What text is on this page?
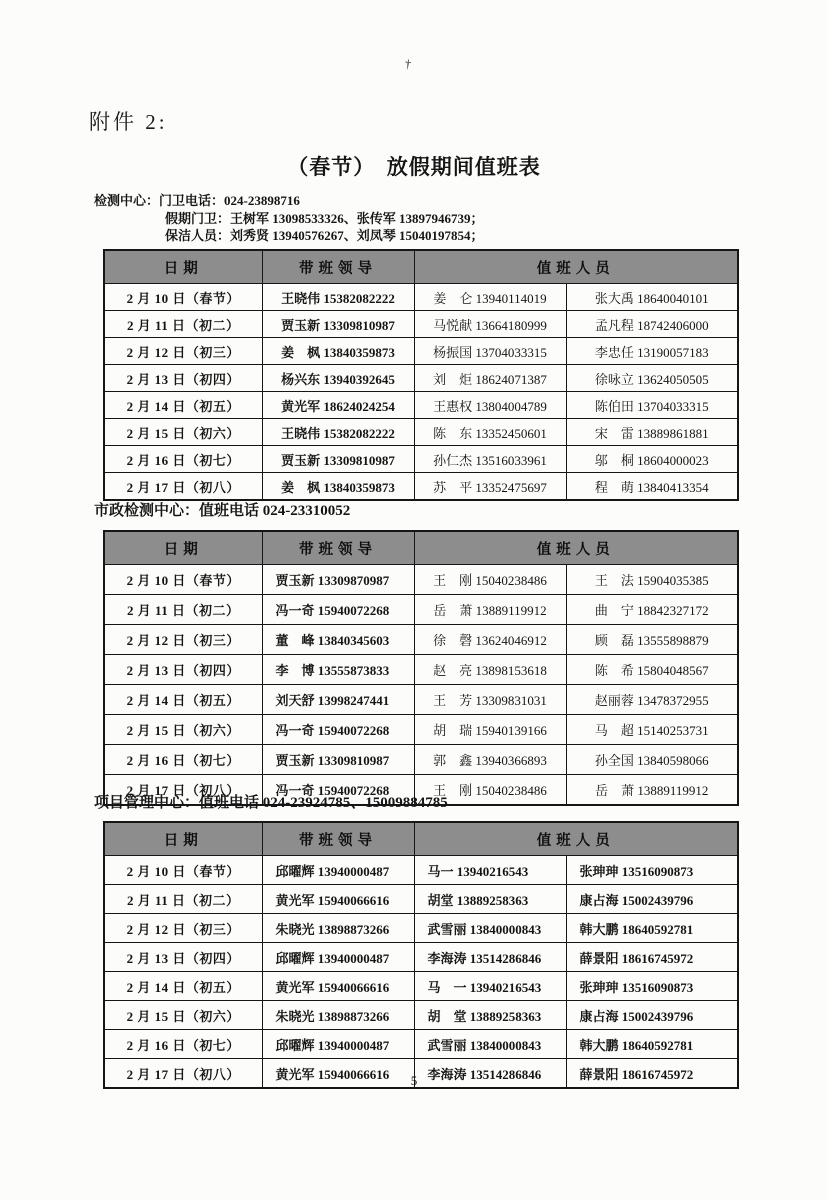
†
附件 2:
（春节）　放假期间值班表
检测中心：门卫电话：024-23898716
假期门卫：王树军 13098533326、张传军 13897946739；
保洁人员：刘秀贤 13940576267、刘凤琴 15040197854；
日期	带班领导	值班人员	
2 月 10 日（春节）	王晓伟 15382082222	姜　仑 13940114019	张大禹 18640040101
2 月 11 日（初二）	贾玉新 13309810987	马悦献 13664180999	孟凡程 18742406000
2 月 12 日（初三）	姜　枫 13840359873	杨振国 13704033315	李忠任 13190057183
2 月 13 日（初四）	杨兴东 13940392645	刘　炬 18624071387	徐咏立 13624050505
2 月 14 日（初五）	黄光军 18624024254	王惠权 13804004789	陈伯田 13704033315
2 月 15 日（初六）	王晓伟 15382082222	陈　东 13352450601	宋　雷 13889861881
2 月 16 日（初七）	贾玉新 13309810987	孙仁杰 13516033961	邬　桐 18604000023
2 月 17 日（初八）	姜　枫 13840359873	苏　平 13352475697	程　萌 13840413354
市政检测中心：值班电话 024-23310052
日期	带班领导	值班人员	
2 月 10 日（春节）	贾玉新 13309870987	王　刚 15040238486	王　法 15904035385
2 月 11 日（初二）	冯一奇 15940072268	岳　萧 13889119912	曲　宁 18842327172
2 月 12 日（初三）	董　峰 13840345603	徐　磬 13624046912	顾　磊 13555898879
2 月 13 日（初四）	李　博 13555873833	赵　亮 13898153618	陈　希 15804048567
2 月 14 日（初五）	刘天舒 13998247441	王　芳 13309831031	赵丽蓉 13478372955
2 月 15 日（初六）	冯一奇 15940072268	胡　瑞 15940139166	马　超 15140253731
2 月 16 日（初七）	贾玉新 13309810987	郭　鑫 13940366893	孙全国 13840598066
2 月 17 日（初八）	冯一奇 15940072268	王　刚 15040238486	岳　萧 13889119912
项目管理中心：值班电话 024-23924785、15009884785
日期	带班领导	值班人员	
2 月 10 日（春节）	邱曜辉 13940000487	马一 13940216543	张珅珅 13516090873
2 月 11 日（初二）	黄光军 15940066616	胡堂 13889258363	康占海 15002439796
2 月 12 日（初三）	朱晓光 13898873266	武雪丽 13840000843	韩大鹏 18640592781
2 月 13 日（初四）	邱曜辉 13940000487	李海涛 13514286846	薛景阳 18616745972
2 月 14 日（初五）	黄光军 15940066616	马　一 13940216543	张珅珅 13516090873
2 月 15 日（初六）	朱晓光 13898873266	胡　堂 13889258363	康占海 15002439796
2 月 16 日（初七）	邱曜辉 13940000487	武雪丽 13840000843	韩大鹏 18640592781
2 月 17 日（初八）	黄光军 15940066616	李海涛 13514286846	薛景阳 18616745972
5
